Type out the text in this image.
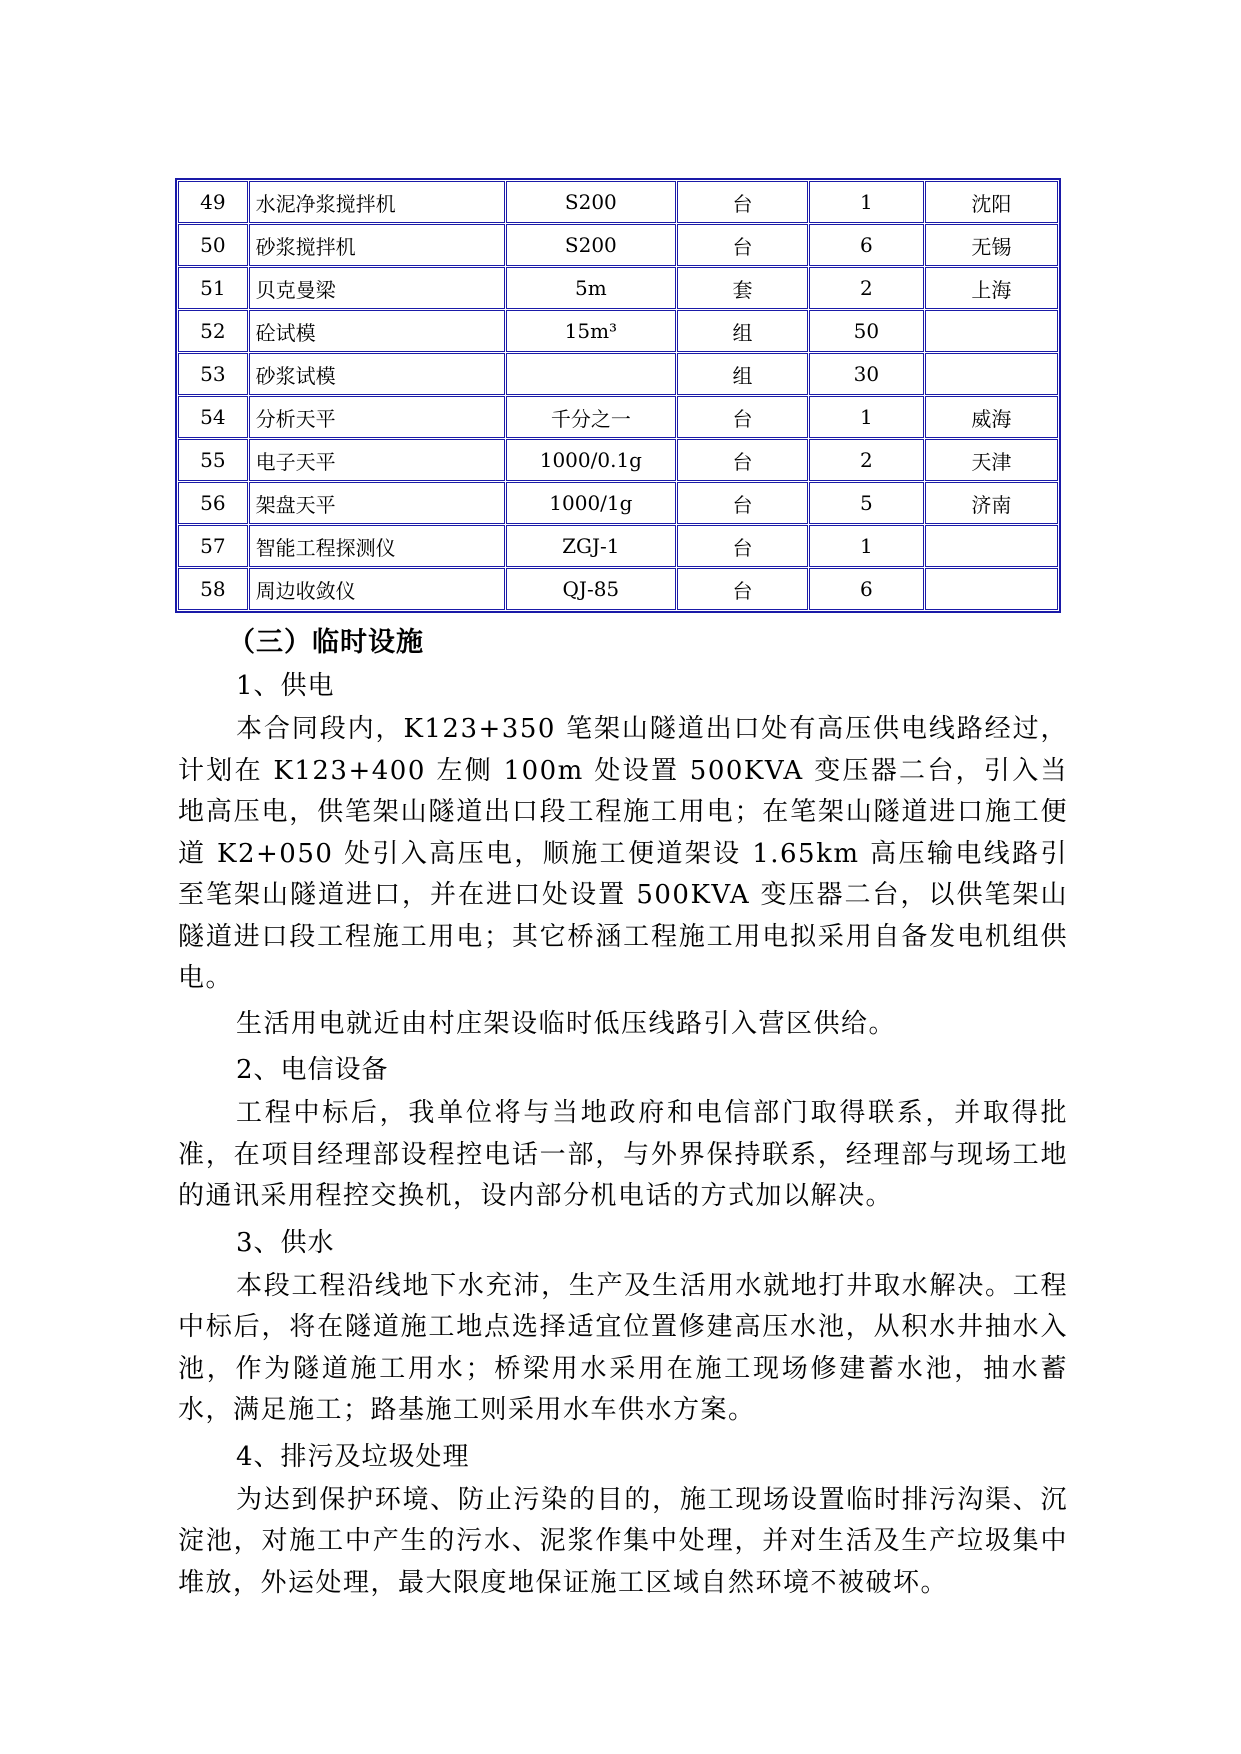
49	水泥净浆搅拌机	S200	台	1	沈阳
50	砂浆搅拌机	S200	台	6	无锡
51	贝克曼梁	5m	套	2	上海
52	砼试模	15m³	组	50	
53	砂浆试模		组	30	
54	分析天平	千分之一	台	1	威海
55	电子天平	1000/0.1g	台	2	天津
56	架盘天平	1000/1g	台	5	济南
57	智能工程探测仪	ZGJ-1	台	1	
58	周边收敛仪	QJ-85	台	6	
（三）临时设施
1、供电

本合同段内，K123+350 笔架山隧道出口处有高压供电线路经过，计划在 K123+400 左侧 100m 处设置 500KVA 变压器二台，引入当地高压电，供笔架山隧道出口段工程施工用电；在笔架山隧道进口施工便道 K2+050 处引入高压电，顺施工便道架设 1.65km 高压输电线路引至笔架山隧道进口，并在进口处设置 500KVA 变压器二台，以供笔架山隧道进口段工程施工用电；其它桥涵工程施工用电拟采用自备发电机组供电。

生活用电就近由村庄架设临时低压线路引入营区供给。

2、电信设备

工程中标后，我单位将与当地政府和电信部门取得联系，并取得批准，在项目经理部设程控电话一部，与外界保持联系，经理部与现场工地的通讯采用程控交换机，设内部分机电话的方式加以解决。

3、供水

本段工程沿线地下水充沛，生产及生活用水就地打井取水解决。工程中标后，将在隧道施工地点选择适宜位置修建高压水池，从积水井抽水入池，作为隧道施工用水；桥梁用水采用在施工现场修建蓄水池，抽水蓄水，满足施工；路基施工则采用水车供水方案。

4、排污及垃圾处理

为达到保护环境、防止污染的目的，施工现场设置临时排污沟渠、沉淀池，对施工中产生的污水、泥浆作集中处理，并对生活及生产垃圾集中堆放，外运处理，最大限度地保证施工区域自然环境不被破坏。
